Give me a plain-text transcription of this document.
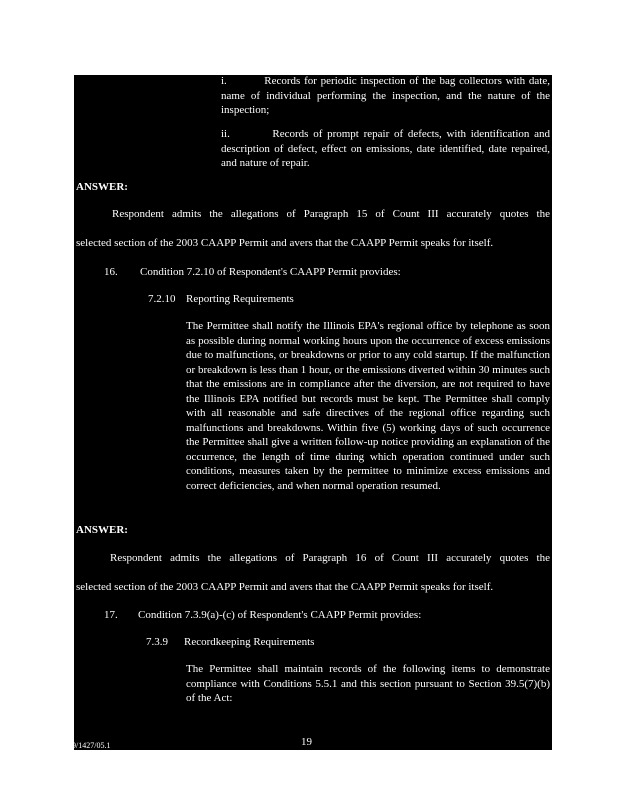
i.	Records for periodic inspection of the bag collectors with date, name of individual performing the inspection, and the nature of the inspection;
ii.	Records of prompt repair of defects, with identification and description of defect, effect on emissions, date identified, date repaired, and nature of repair.
ANSWER:
Respondent admits the allegations of Paragraph 15 of Count III accurately quotes the
selected section of the 2003 CAAPP Permit and avers that the CAAPP Permit speaks for itself.
16. Condition 7.2.10 of Respondent's CAAPP Permit provides:
7.2.10 Reporting Requirements
The Permittee shall notify the Illinois EPA's regional office by telephone as soon as possible during normal working hours upon the occurrence of excess emissions due to malfunctions, or breakdowns or prior to any cold startup. If the malfunction or breakdown is less than 1 hour, or the emissions diverted within 30 minutes such that the emissions are in compliance after the diversion, are not required to have the Illinois EPA notified but records must be kept. The Permittee shall comply with all reasonable and safe directives of the regional office regarding such malfunctions and breakdowns. Within five (5) working days of such occurrence the Permittee shall give a written follow-up notice providing an explanation of the occurrence, the length of time during which operation continued under such conditions, measures taken by the permittee to minimize excess emissions and correct deficiencies, and when normal operation resumed.
ANSWER:
Respondent admits the allegations of Paragraph 16 of Count III accurately quotes the
selected section of the 2003 CAAPP Permit and avers that the CAAPP Permit speaks for itself.
17. Condition 7.3.9(a)-(c) of Respondent's CAAPP Permit provides:
7.3.9 Recordkeeping Requirements
The Permittee shall maintain records of the following items to demonstrate compliance with Conditions 5.5.1 and this section pursuant to Section 39.5(7)(b) of the Act:
9/1427/05.1	19
